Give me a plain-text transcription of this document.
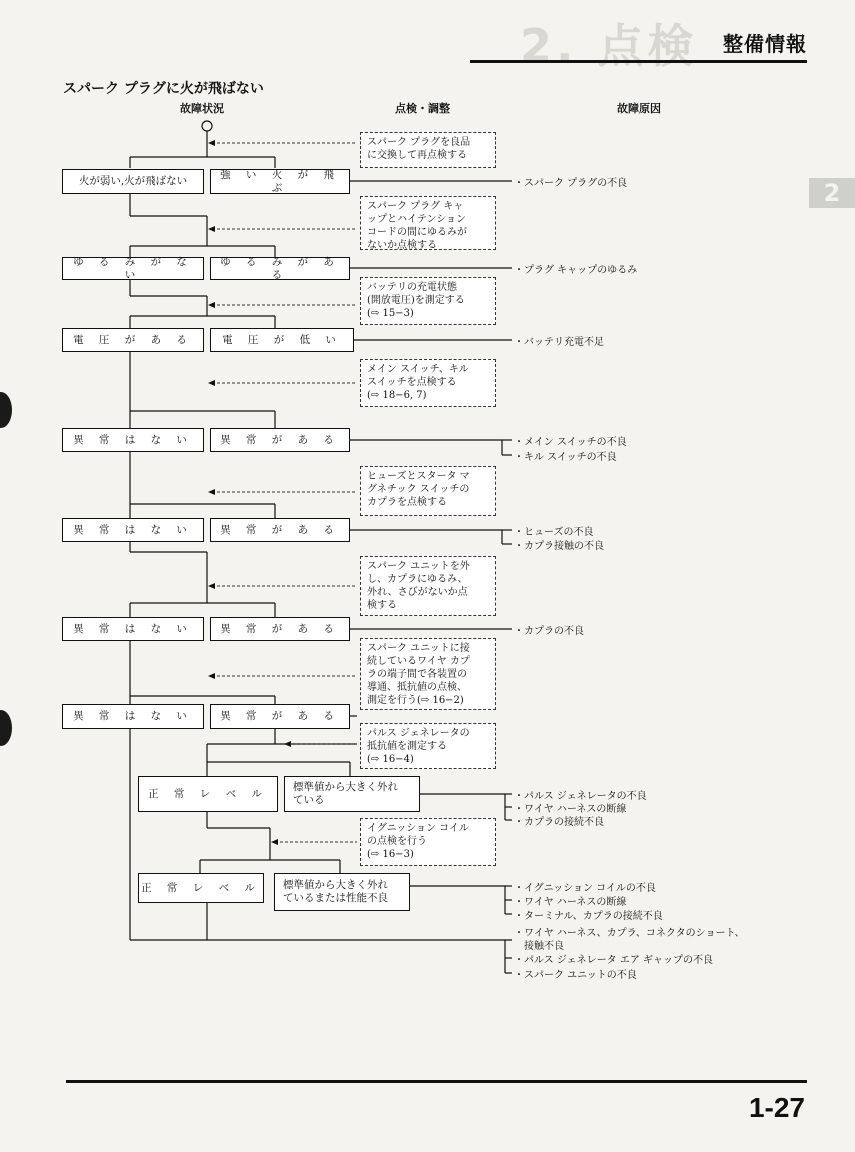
2. 点検
2
整備情報
スパーク プラグに火が飛ばない
故障状況	点検・調整	故障原因
スパーク プラグを良品
に交換して再点検する
スパーク プラグ キャ
ップとハイテンション
コードの間にゆるみが
ないか点検する
バッテリの充電状態
(開放電圧)を測定する
(⇨ 15−3)
メイン スイッチ、キル
スイッチを点検する
(⇨ 18−6, 7)
ヒューズとスタータ マ
グネチック スイッチの
カプラを点検する
スパーク ユニットを外
し、カプラにゆるみ、
外れ、さびがないか点
検する
スパーク ユニットに接
続しているワイヤ カプ
ラの端子間で各装置の
導通、抵抗値の点検、
測定を行う(⇨ 16−2)
パルス ジェネレータの
抵抗値を測定する
(⇨ 16−4)
イグニッション コイル
の点検を行う
(⇨ 16−3)
火が弱い,火が飛ばない
強 い 火 が 飛 ぶ
ゆ る み が な い
ゆ る み が あ る
電 圧 が あ る	電 圧 が 低 い
異 常 は な い	異 常 が あ る
異 常 は な い	異 常 が あ る
異 常 は な い	異 常 が あ る
異 常 は な い	異 常 が あ る
正 常 レ ベ ル
標準値から大きく外れ
ている
正 常 レ ベ ル	標準値から大きく外れ
ているまたは性能不良
・スパーク プラグの不良
・プラグ キャップのゆるみ
・バッテリ充電不足
・メイン スイッチの不良
・キル スイッチの不良
・ヒューズの不良
・カプラ接触の不良
・カプラの不良
・パルス ジェネレータの不良
・ワイヤ ハーネスの断線
・カプラの接続不良
・イグニッション コイルの不良
・ワイヤ ハーネスの断線
・ターミナル、カプラの接続不良
・ワイヤ ハーネス、カプラ、コネクタのショート、
　接触不良
・パルス ジェネレータ エア ギャップの不良
・スパーク ユニットの不良
1-27
